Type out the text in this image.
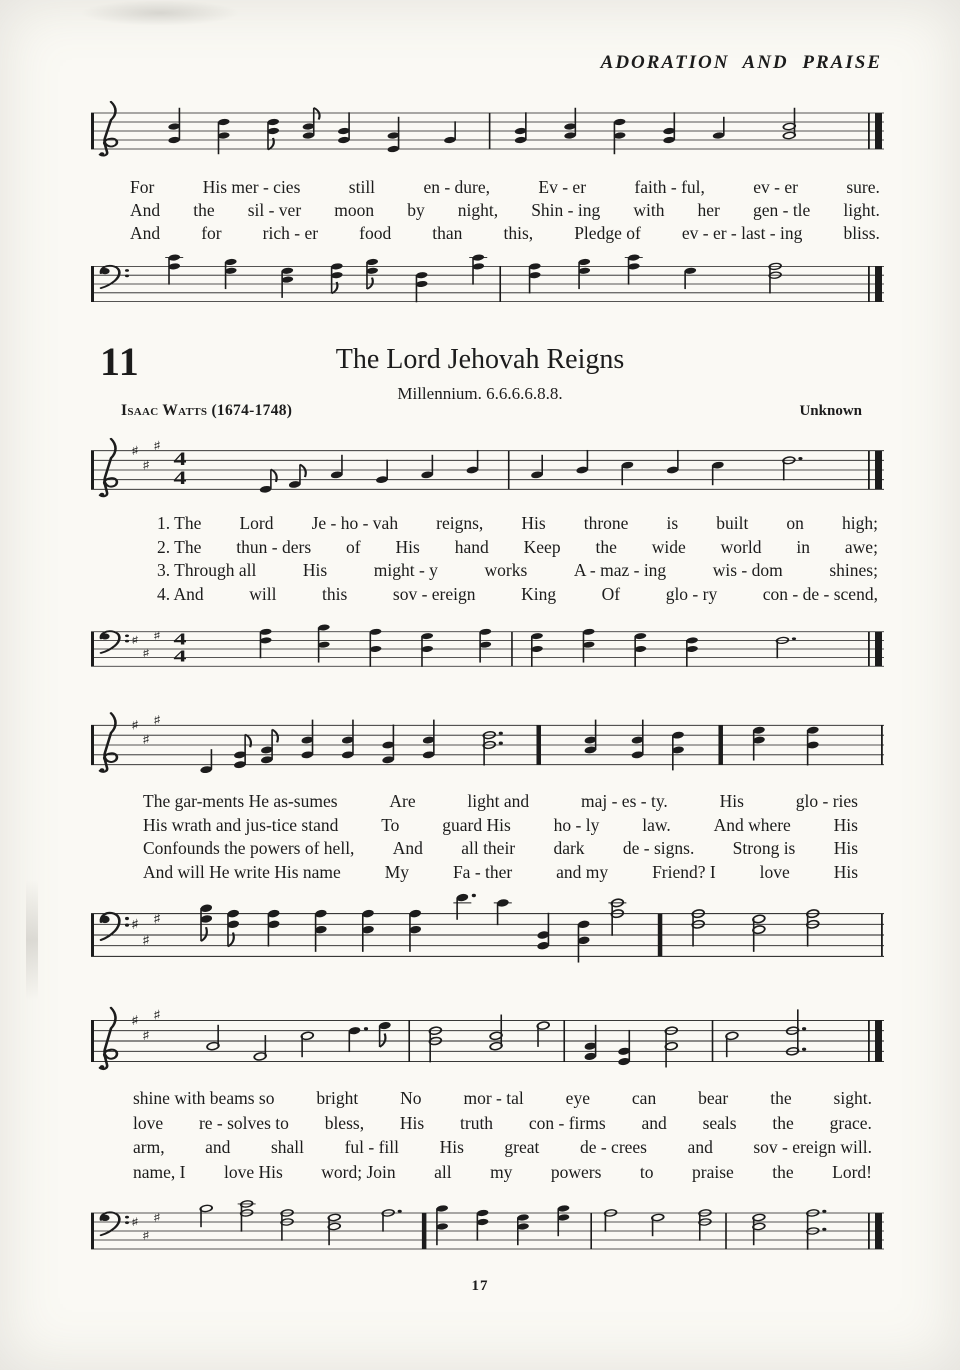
ADORATION AND PRAISE
For	His mer - cies	still	en - dure,	Ev - er	faith - ful,	ev - er	sure.
And the sil - ver moon by night, Shin - ing with her gen - tle light.
And for rich - er food than this, Pledge of ev - er - last - ing bliss.
11	The Lord Jehovah Reigns
Millennium. 6.6.6.6.8.8.
Isaac Watts (1674-1748)	Unknown
♯
♯
♯
4
4
1. The Lord Je - ho - vah reigns, His throne is built on high;
2. The thun - ders of His hand Keep the wide world in awe;
3. Through all	His	might - y	works	A - maz - ing	wis - dom	shines;
4. And	will	this	sov - ereign	King	Of	glo - ry	con - de - scend,
♯
♯
♯ 4
4
♯
♯
♯
The gar-ments He as-sumes	Are	light and	maj - es - ty.	His	glo - ries
His wrath and jus-tice stand To guard His ho - ly law. And where His
Confounds the powers of hell, And all their dark de - signs. Strong is His
And will He write His name	My	Fa - ther	and my	Friend? I	love	His
♯
♯
♯
♯
♯
♯
shine with beams so bright No mor - tal eye can bear the sight.
love re - solves to bless, His truth con - firms and seals the grace.
arm, and shall ful - fill His great de - crees and sov - ereign will.
name, I love His word; Join all my powers to praise the Lord!
♯
♯
♯
17
